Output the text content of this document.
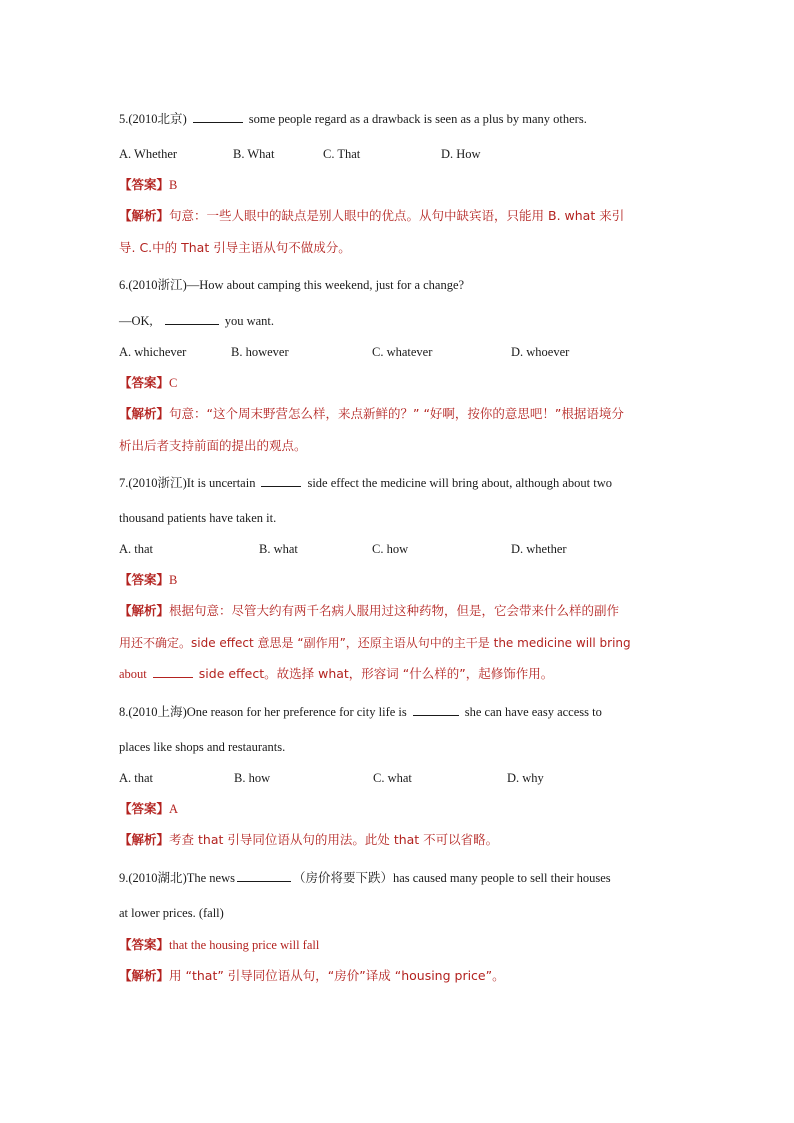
5.(2010北京)	some people regard as a drawback is seen as a plus by many others.
A. Whether	B. What	C. That	D. How
【答案】B
【解析】句意：一些人眼中的缺点是别人眼中的优点。从句中缺宾语，只能用 B. what 来引
导. C.中的 That 引导主语从句不做成分。
6.(2010浙江)—How about camping this weekend, just for a change?
—OK,	you want.
A. whichever	B. however	C. whatever	D. whoever
【答案】C
【解析】句意：“这个周末野营怎么样，来点新鲜的？” “好啊，按你的意思吧！”根据语境分
析出后者支持前面的提出的观点。
7.(2010浙江)It is uncertain	side effect the medicine will bring about, although about two
thousand patients have taken it.
A. that	B. what	C. how	D. whether
【答案】B
【解析】根据句意：尽管大约有两千名病人服用过这种药物，但是，它会带来什么样的副作
用还不确定。side effect 意思是 “副作用”，还原主语从句中的主干是 the medicine will bring
about	side effect。故选择 what，形容词 “什么样的”，起修饰作用。
8.(2010上海)One reason for her preference for city life is	she can have easy access to
places like shops and restaurants.
A. that	B. how	C. what	D. why
【答案】A
【解析】考查 that 引导同位语从句的用法。此处 that 不可以省略。
9.(2010湖北)The news	（房价将要下跌）has caused many people to sell their houses
at lower prices. (fall)
【答案】that the housing price will fall
【解析】用 “that” 引导同位语从句，“房价”译成 “housing price”。
